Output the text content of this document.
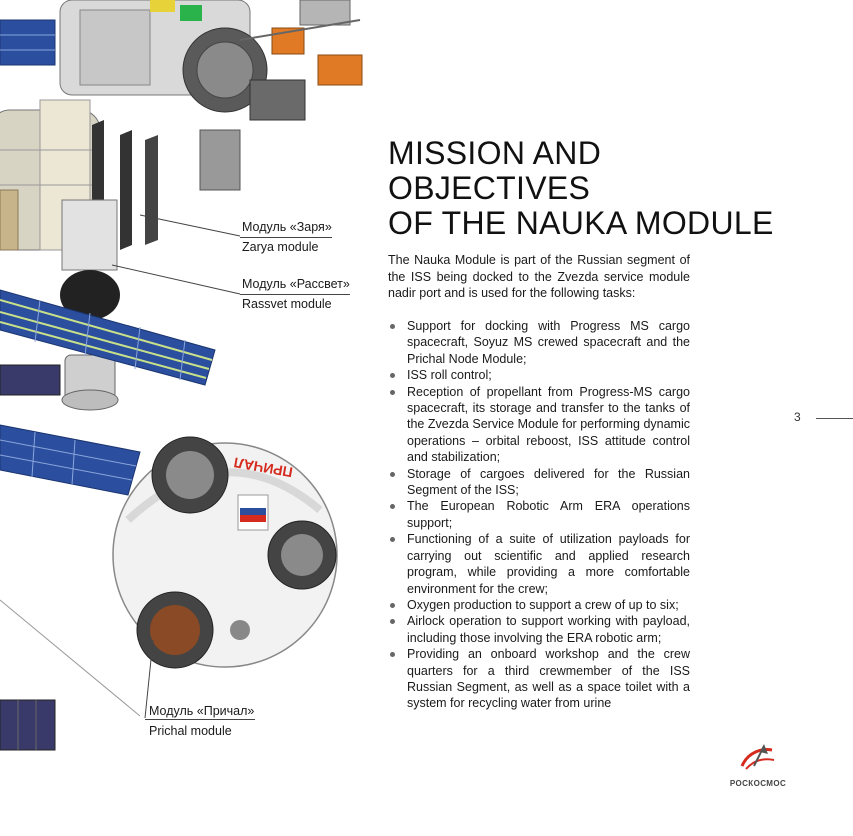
ПРИЧАЛ
Модуль «Заря»
Zarya module
Модуль «Рассвет»
Rassvet module
Модуль «Причал»
Prichal module
MISSION AND OBJECTIVES
OF THE NAUKA MODULE

The Nauka Module is part of the Russian segment of the ISS being docked to the Zvezda service module nadir port and is used for the following tasks:

Support for docking with Progress MS cargo spacecraft, Soyuz MS crewed spacecraft and the Prichal Node Module;
ISS roll control;
Reception of propellant from Progress-MS cargo spacecraft, its storage and transfer to the tanks of the Zvezda Service Module for performing dynamic operations – orbital reboost, ISS attitude control and stabilization;
Storage of cargoes delivered for the Russian Segment of the ISS;
The European Robotic Arm ERA operations support;
Functioning of a suite of utilization payloads for carrying out scientific and applied research program, while providing a more comfortable environment for the crew;
Oxygen production to support a crew of up to six;
Airlock operation to support working with payload, including those involving the ERA robotic arm;
Providing an onboard workshop and the crew quarters for a third crewmember of the ISS Russian Segment, as well as a space toilet with a system for recycling water from urine
3
РОСКОСМОС
